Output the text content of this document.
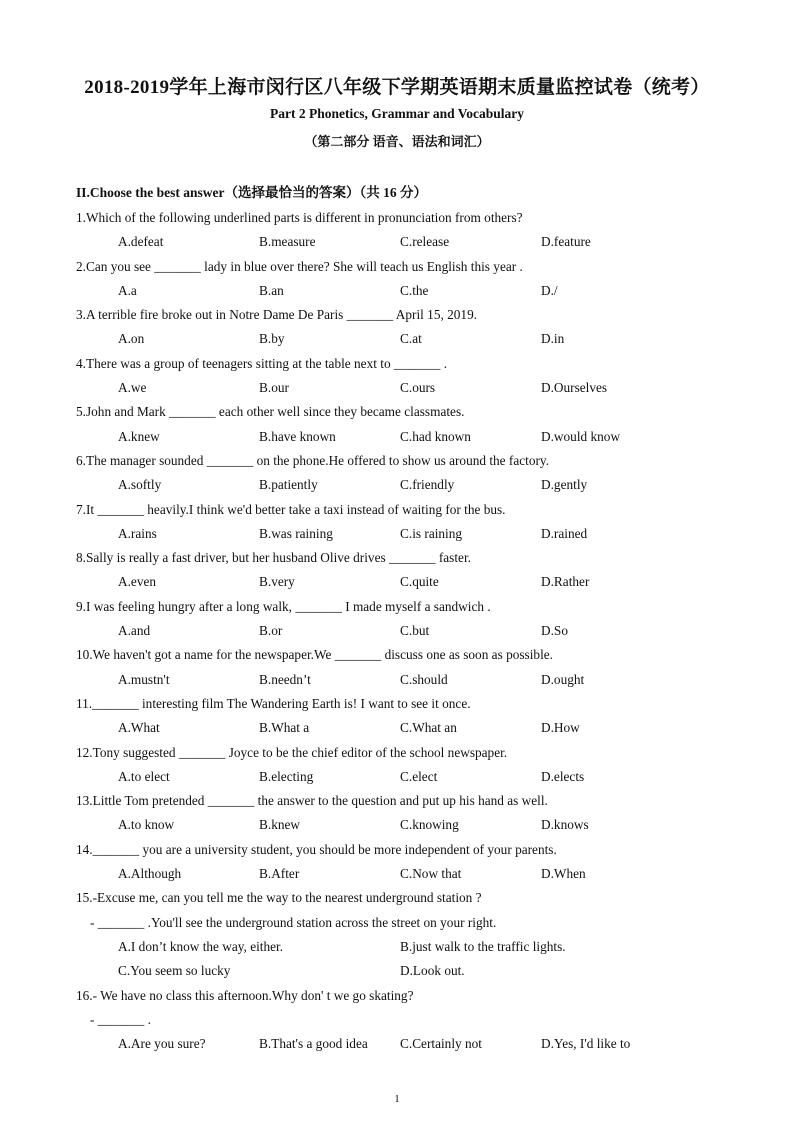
2018-2019学年上海市闵行区八年级下学期英语期末质量监控试卷（统考）
Part 2 Phonetics, Grammar and Vocabulary
（第二部分 语音、语法和词汇）
II.Choose the best answer（选择最恰当的答案）（共 16 分）
1.Which of the following underlined parts is different in pronunciation from others?
A.defeat	B.measure	C.release	D.feature
2.Can you see _______ lady in blue over there? She will teach us English this year .
A.a	B.an	C.the	D./
3.A terrible fire broke out in Notre Dame De Paris _______ April 15, 2019.
A.on	B.by	C.at	D.in
4.There was a group of teenagers sitting at the table next to _______ .
A.we	B.our	C.ours	D.Ourselves
5.John and Mark _______ each other well since they became classmates.
A.knew	B.have known	C.had known	D.would know
6.The manager sounded _______ on the phone.He offered to show us around the factory.
A.softly	B.patiently	C.friendly	D.gently
7.It _______ heavily.I think we'd better take a taxi instead of waiting for the bus.
A.rains	B.was raining	C.is raining	D.rained
8.Sally is really a fast driver, but her husband Olive drives _______ faster.
A.even	B.very	C.quite	D.Rather
9.I was feeling hungry after a long walk, _______ I made myself a sandwich .
A.and	B.or	C.but	D.So
10.We haven't got a name for the newspaper.We _______ discuss one as soon as possible.
A.mustn't	B.needn’t	C.should	D.ought
11._______ interesting film The Wandering Earth is! I want to see it once.
A.What	B.What a	C.What an	D.How
12.Tony suggested _______ Joyce to be the chief editor of the school newspaper.
A.to elect	B.electing	C.elect	D.elects
13.Little Tom pretended _______ the answer to the question and put up his hand as well.
A.to know	B.knew	C.knowing	D.knows
14._______ you are a university student, you should be more independent of your parents.
A.Although	B.After	C.Now that	D.When
15.-Excuse me, can you tell me the way to the nearest underground station ?
- _______ .You'll see the underground station across the street on your right.
A.I don’t know the way, either.	B.just walk to the traffic lights.
C.You seem so lucky	D.Look out.
16.- We have no class this afternoon.Why don' t we go skating?
- _______ .
A.Are you sure?	B.That's a good idea C.Certainly not	D.Yes, I'd like to
1
